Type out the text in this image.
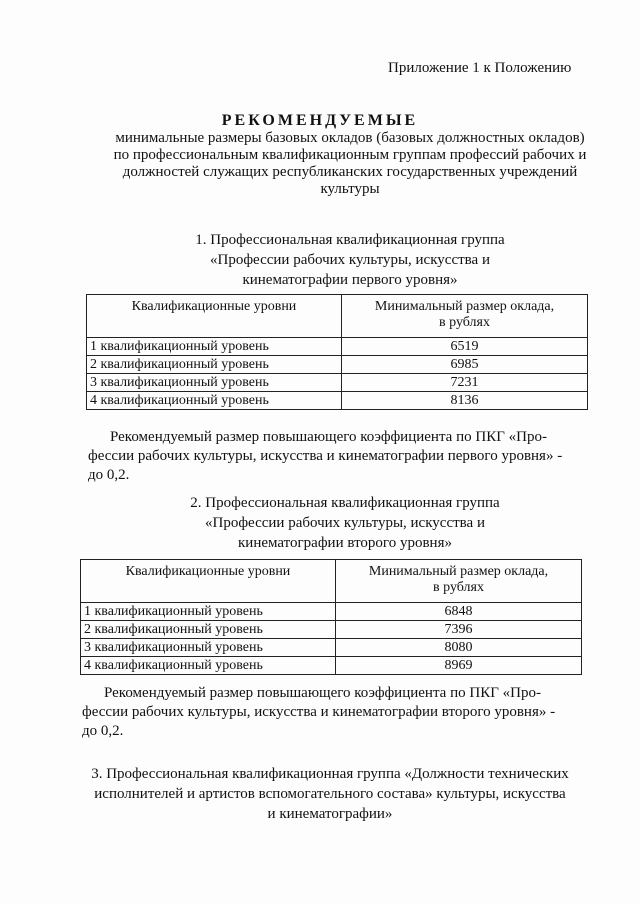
Приложение 1 к Положению
РЕКОМЕНДУЕМЫЕ
минимальные размеры базовых окладов (базовых должностных окладов)
по профессиональным квалификационным группам профессий рабочих и
должностей служащих республиканских государственных учреждений
культуры
1. Профессиональная квалификационная группа
«Профессии рабочих культуры, искусства и
кинематографии первого уровня»
Квалификационные уровни	Минимальный размер оклада,
в рублях

1 квалификационный уровень	6519
2 квалификационный уровень	6985
3 квалификационный уровень	7231
4 квалификационный уровень	8136
Рекомендуемый размер повышающего коэффициента по ПКГ «Про-
фессии рабочих культуры, искусства и кинематографии первого уровня» -
до 0,2.
2. Профессиональная квалификационная группа
«Профессии рабочих культуры, искусства и
кинематографии второго уровня»
Квалификационные уровни	Минимальный размер оклада,
в рублях

1 квалификационный уровень	6848
2 квалификационный уровень	7396
3 квалификационный уровень	8080
4 квалификационный уровень	8969
Рекомендуемый размер повышающего коэффициента по ПКГ «Про-
фессии рабочих культуры, искусства и кинематографии второго уровня» -
до 0,2.
3. Профессиональная квалификационная группа «Должности технических
исполнителей и артистов вспомогательного состава» культуры, искусства
и кинематографии»
